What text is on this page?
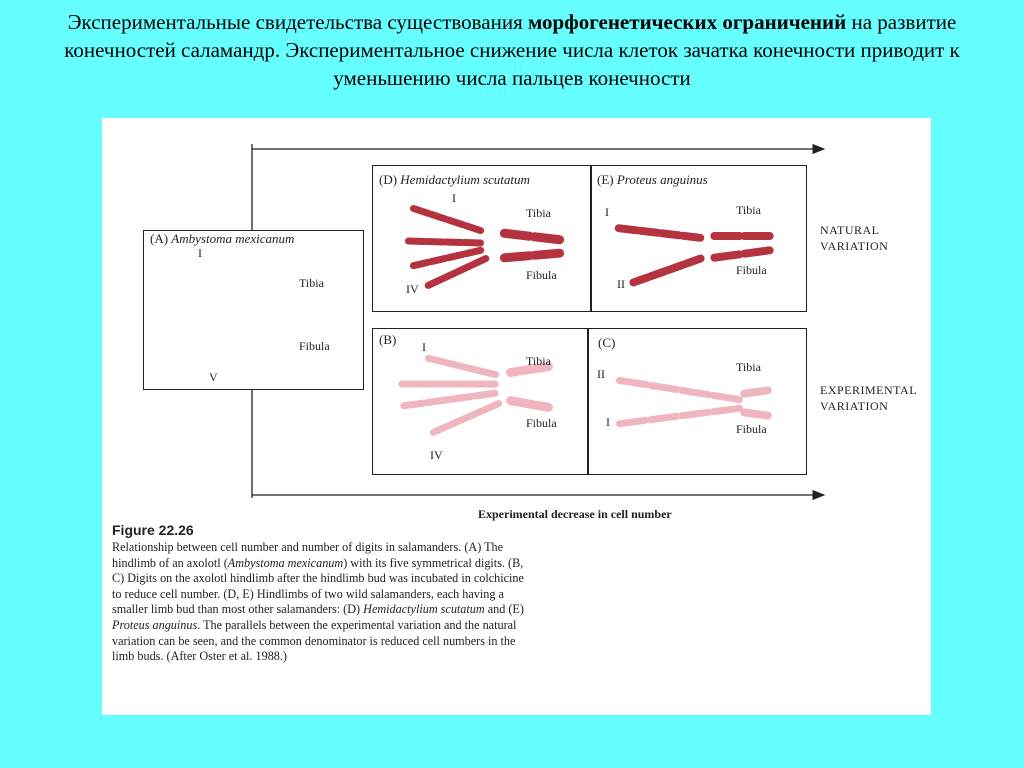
Экспериментальные свидетельства существования морфогенетических ограничений на развитие конечностей саламандр. Экспериментальное снижение числа клеток зачатка конечности приводит к уменьшению числа пальцев конечности
(A) Ambystoma mexicanum
Tibia
Fibula
I
V
(D) Hemidactylium scutatum
Tibia
Fibula
I
IV
(E) Proteus anguinus
Tibia
Fibula
I
II
(B)
Tibia
Fibula
I
IV
(C)
Tibia
Fibula
II
I
NATURAL
VARIATION
EXPERIMENTAL
VARIATION
Experimental decrease in cell number
Figure 22.26
Relationship between cell number and number of digits in salamanders. (A) The hindlimb of an axolotl (Ambystoma mexicanum) with its five symmetrical digits. (B, C) Digits on the axolotl hindlimb after the hindlimb bud was incubated in colchicine to reduce cell number. (D, E) Hindlimbs of two wild salamanders, each having a smaller limb bud than most other salamanders: (D) Hemidactylium scutatum and (E) Proteus anguinus. The parallels between the experimental variation and the natural variation can be seen, and the common denominator is reduced cell numbers in the limb buds. (After Oster et al. 1988.)
